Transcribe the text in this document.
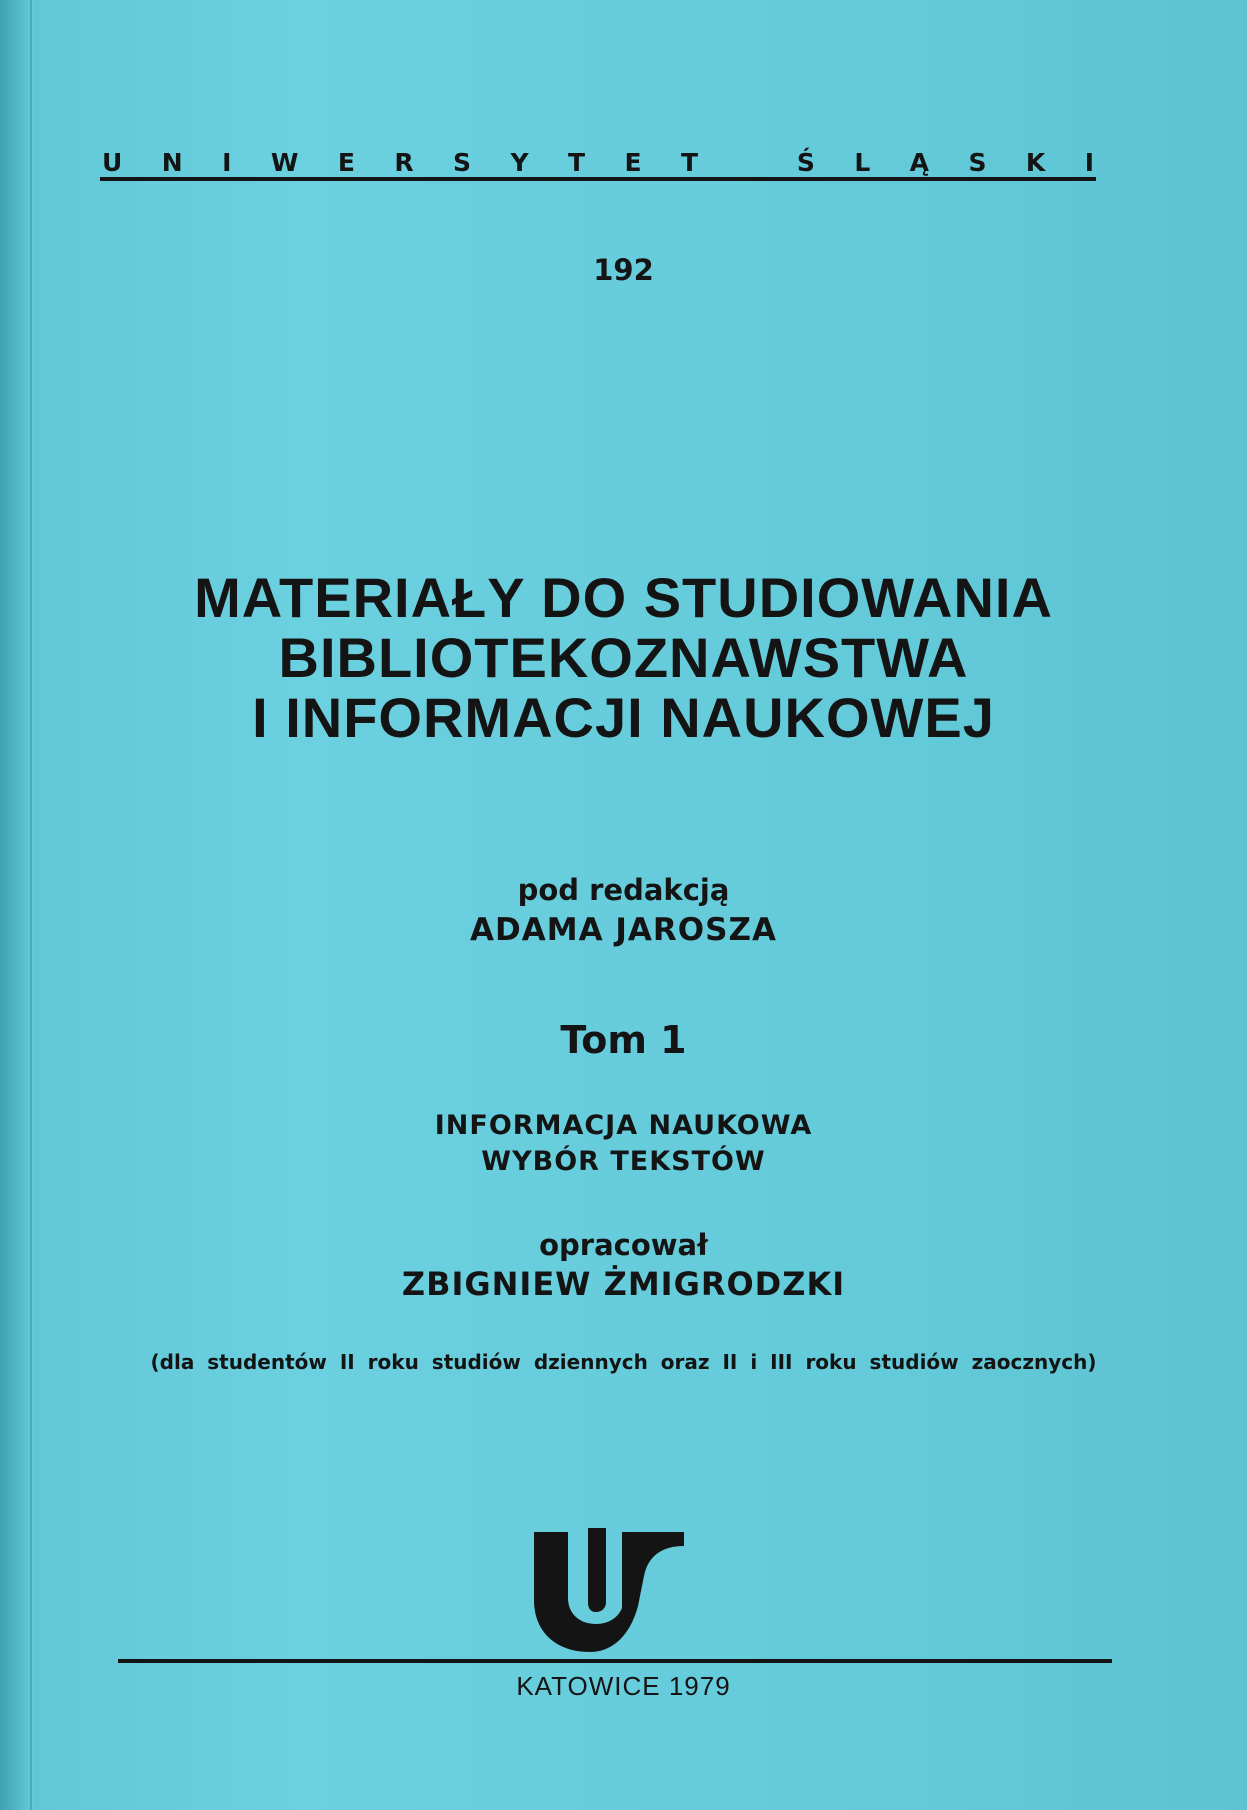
U N I W E R S Y T E T	Ś L Ą S K I
192
MATERIAŁY DO STUDIOWANIA
BIBLIOTEKOZNAWSTWA
I INFORMACJI NAUKOWEJ
pod redakcją
ADAMA JAROSZA
Tom 1
INFORMACJA NAUKOWA
WYBÓR TEKSTÓW
opracował
ZBIGNIEW ŻMIGRODZKI
(dla studentów II roku studiów dziennych oraz II i III roku studiów zaocznych)
KATOWICE 1979
